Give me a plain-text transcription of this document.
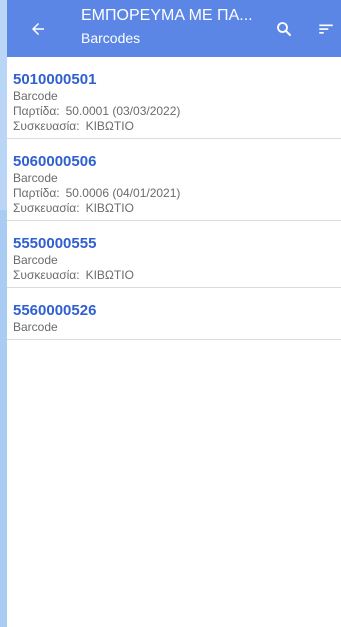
ΕΜΠΟΡΕΥΜΑ ΜΕ ΠΑ...
Barcodes
5010000501
Barcode
Παρτίδα: 50.0001 (03/03/2022)
Συσκευασία: ΚΙΒΩΤΙΟ
5060000506
Barcode
Παρτίδα: 50.0006 (04/01/2021)
Συσκευασία: ΚΙΒΩΤΙΟ
5550000555
Barcode
Συσκευασία: ΚΙΒΩΤΙΟ
5560000526
Barcode
